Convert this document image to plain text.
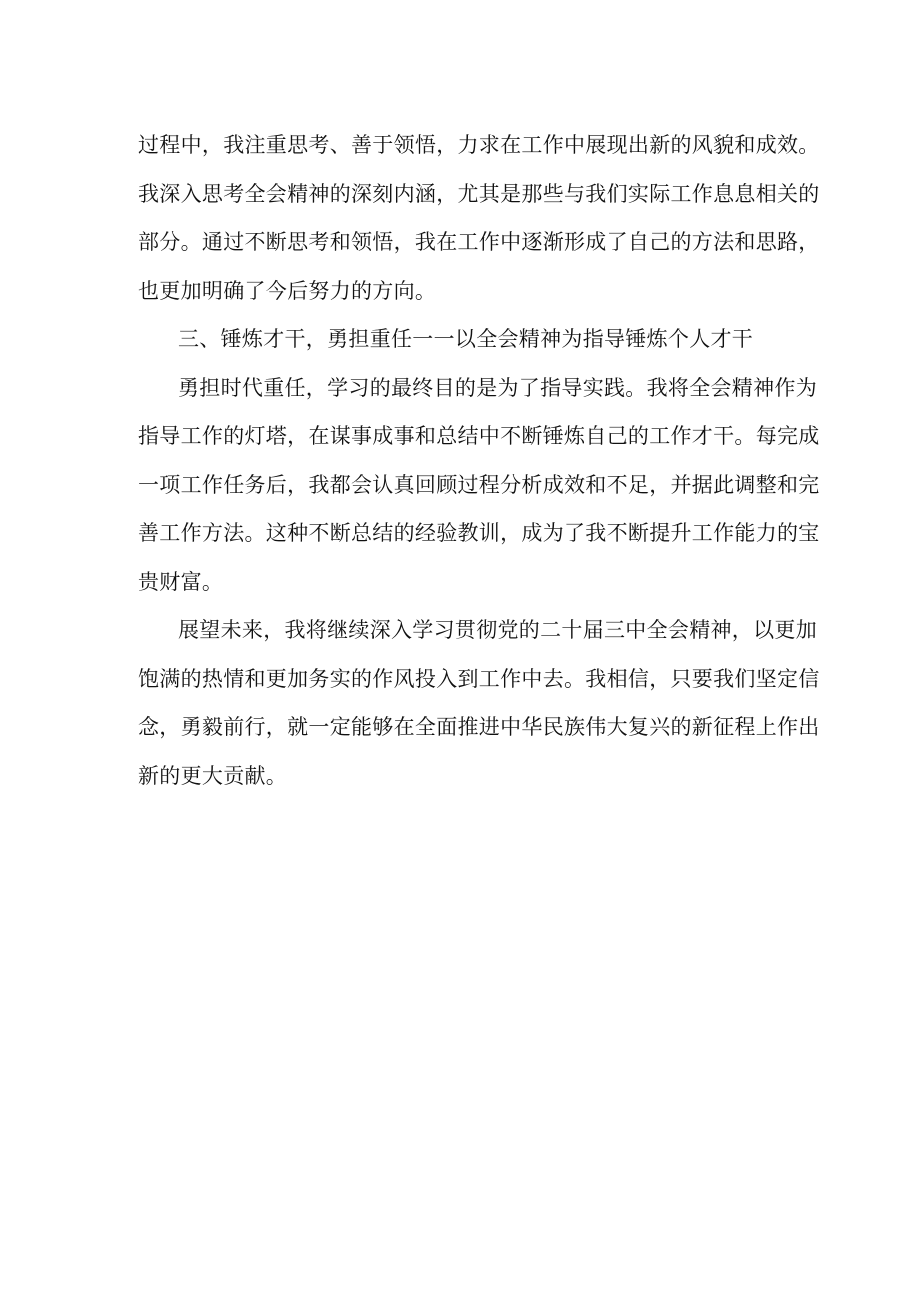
过程中，我注重思考、善于领悟，力求在工作中展现出新的风貌和成效。
我深入思考全会精神的深刻内涵，尤其是那些与我们实际工作息息相关的
部分。通过不断思考和领悟，我在工作中逐渐形成了自己的方法和思路，
也更加明确了今后努力的方向。
三、锤炼才干，勇担重任一一以全会精神为指导锤炼个人才干
勇担时代重任，学习的最终目的是为了指导实践。我将全会精神作为
指导工作的灯塔，在谋事成事和总结中不断锤炼自己的工作才干。每完成
一项工作任务后，我都会认真回顾过程分析成效和不足，并据此调整和完
善工作方法。这种不断总结的经验教训，成为了我不断提升工作能力的宝
贵财富。
展望未来，我将继续深入学习贯彻党的二十届三中全会精神，以更加
饱满的热情和更加务实的作风投入到工作中去。我相信，只要我们坚定信
念，勇毅前行，就一定能够在全面推进中华民族伟大复兴的新征程上作出
新的更大贡献。
